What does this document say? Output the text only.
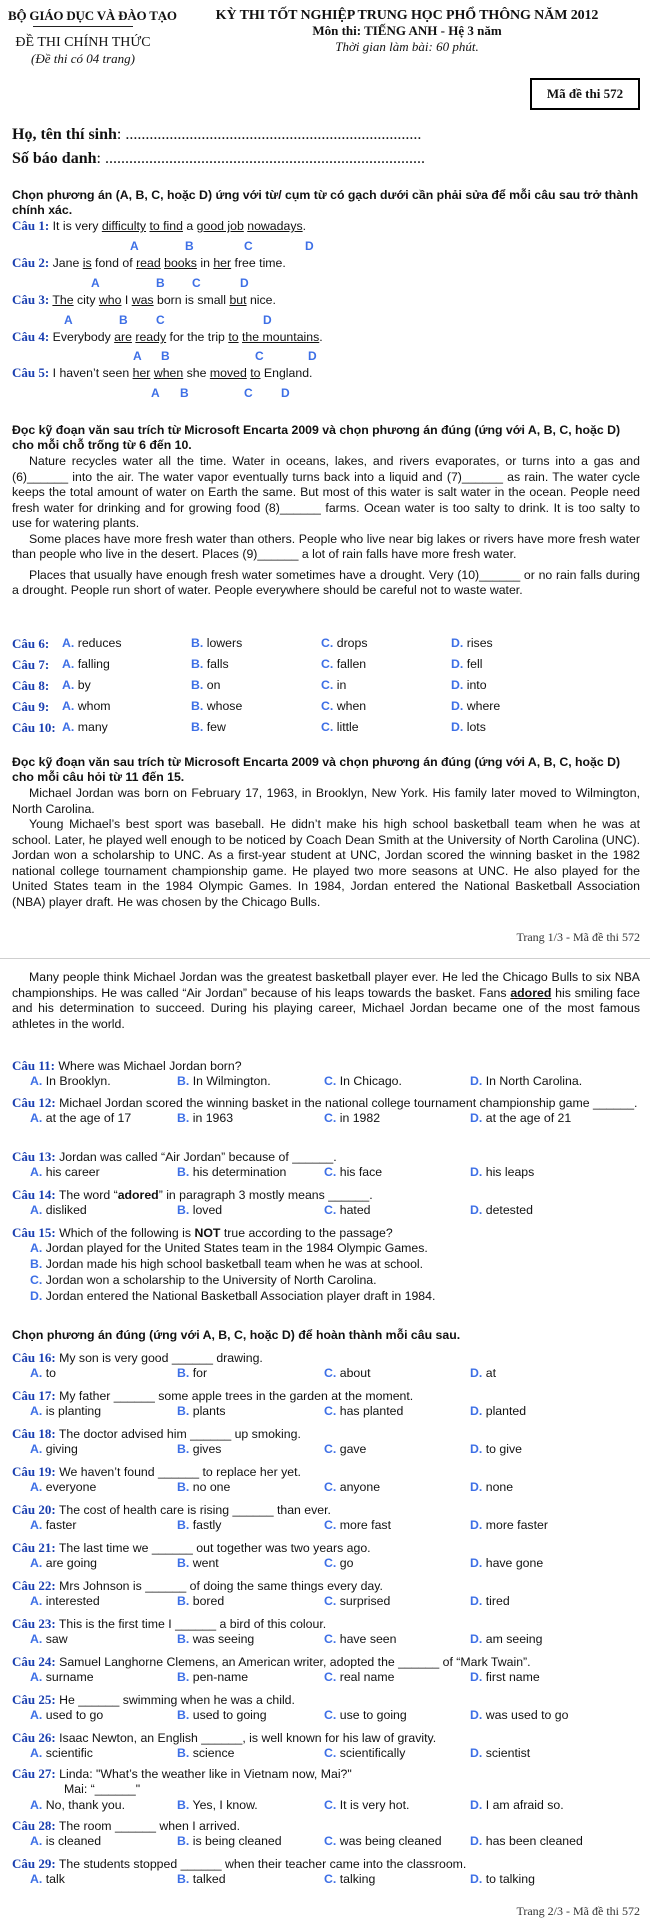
BỘ GIÁO DỤC VÀ ĐÀO TẠO
ĐỀ THI CHÍNH THỨC
(Đề thi có 04 trang)
KỲ THI TỐT NGHIỆP TRUNG HỌC PHỔ THÔNG NĂM 2012
Môn thi: TIẾNG ANH - Hệ 3 năm
Thời gian làm bài: 60 phút.
Mã đề thi 572
Họ, tên thí sinh: ..........................................................................
Số báo danh: ................................................................................
Chọn phương án (A, B, C, hoặc D) ứng với từ/ cụm từ có gạch dưới cần phải sửa để mỗi câu sau trở thành chính xác.
Câu 1: It is very difficulty to find a good job nowadays.
A	B	C	D
Câu 2: Jane is fond of read books in her free time.
A	B C	D
Câu 3: The city who I was born is small but nice.
A	B C	D
Câu 4: Everybody are ready for the trip to the mountains.
A B	C	D
Câu 5: I haven’t seen her when she moved to England.
A B	C D
Đọc kỹ đoạn văn sau trích từ Microsoft Encarta 2009 và chọn phương án đúng (ứng với A, B, C, hoặc D) cho mỗi chỗ trống từ 6 đến 10.

Nature recycles water all the time. Water in oceans, lakes, and rivers evaporates, or turns into a gas and (6)______ into the air. The water vapor eventually turns back into a liquid and (7)______ as rain. The water cycle keeps the total amount of water on Earth the same. But most of this water is salt water in the ocean. People need fresh water for drinking and for growing food (8)______ farms. Ocean water is too salty to drink. It is too salty to use for watering plants.

Some places have more fresh water than others. People who live near big lakes or rivers have more fresh water than people who live in the desert. Places (9)______ a lot of rain falls have more fresh water.

Places that usually have enough fresh water sometimes have a drought. Very (10)______ or no rain falls during a drought. People run short of water. People everywhere should be careful not to waste water.

Câu 6: A. reduces	B. lowers	C. drops	D. rises
Câu 7: A. falling	B. falls	C. fallen	D. fell
Câu 8: A. by	B. on	C. in	D. into
Câu 9: A. whom	B. whose	C. when	D. where
Câu 10: A. many	B. few	C. little	D. lots
Đọc kỹ đoạn văn sau trích từ Microsoft Encarta 2009 và chọn phương án đúng (ứng với A, B, C, hoặc D) cho mỗi câu hỏi từ 11 đến 15.

Michael Jordan was born on February 17, 1963, in Brooklyn, New York. His family later moved to Wilmington, North Carolina.

Young Michael’s best sport was baseball. He didn’t make his high school basketball team when he was at school. Later, he played well enough to be noticed by Coach Dean Smith at the University of North Carolina (UNC). Jordan won a scholarship to UNC. As a first-year student at UNC, Jordan scored the winning basket in the 1982 national college tournament championship game. He played two more seasons at UNC. He also played for the United States team in the 1984 Olympic Games. In 1984, Jordan entered the National Basketball Association (NBA) player draft. He was chosen by the Chicago Bulls.

Trang 1/3 - Mã đề thi 572

Many people think Michael Jordan was the greatest basketball player ever. He led the Chicago Bulls to six NBA championships. He was called “Air Jordan” because of his leaps towards the basket. Fans adored his smiling face and his determination to succeed. During his playing career, Michael Jordan became one of the most famous athletes in the world.

Câu 11: Where was Michael Jordan born?
A. In Brooklyn.	B. In Wilmington.	C. In Chicago.	D. In North Carolina.
Câu 12: Michael Jordan scored the winning basket in the national college tournament championship game ______.
A. at the age of 17	B. in 1963	C. in 1982	D. at the age of 21
Câu 13: Jordan was called “Air Jordan” because of ______.
A. his career	B. his determination	C. his face	D. his leaps
Câu 14: The word “adored” in paragraph 3 mostly means ______.
A. disliked	B. loved	C. hated	D. detested
Câu 15: Which of the following is NOT true according to the passage?
A. Jordan played for the United States team in the 1984 Olympic Games.
B. Jordan made his high school basketball team when he was at school.
C. Jordan won a scholarship to the University of North Carolina.
D. Jordan entered the National Basketball Association player draft in 1984.
Chọn phương án đúng (ứng với A, B, C, hoặc D) để hoàn thành mỗi câu sau.
Câu 16: My son is very good ______ drawing.
A. to	B. for	C. about	D. at
Câu 17: My father ______ some apple trees in the garden at the moment.
A. is planting	B. plants	C. has planted	D. planted
Câu 18: The doctor advised him ______ up smoking.
A. giving	B. gives	C. gave	D. to give
Câu 19: We haven’t found ______ to replace her yet.
A. everyone	B. no one	C. anyone	D. none
Câu 20: The cost of health care is rising ______ than ever.
A. faster	B. fastly	C. more fast	D. more faster
Câu 21: The last time we ______ out together was two years ago.
A. are going	B. went	C. go	D. have gone
Câu 22: Mrs Johnson is ______ of doing the same things every day.
A. interested	B. bored	C. surprised	D. tired
Câu 23: This is the first time I ______ a bird of this colour.
A. saw	B. was seeing	C. have seen	D. am seeing
Câu 24: Samuel Langhorne Clemens, an American writer, adopted the ______ of “Mark Twain”.
A. surname	B. pen-name	C. real name	D. first name
Câu 25: He ______ swimming when he was a child.
A. used to go	B. used to going	C. use to going	D. was used to go
Câu 26: Isaac Newton, an English ______, is well known for his law of gravity.
A. scientific	B. science	C. scientifically	D. scientist
Câu 27: Linda: "What’s the weather like in Vietnam now, Mai?"
Mai: “______"
A. No, thank you.	B. Yes, I know.	C. It is very hot.	D. I am afraid so.
Câu 28: The room ______ when I arrived.
A. is cleaned	B. is being cleaned	C. was being cleaned D. has been cleaned
Câu 29: The students stopped ______ when their teacher came into the classroom.
A. talk	B. talked	C. talking	D. to talking
Trang 2/3 - Mã đề thi 572
